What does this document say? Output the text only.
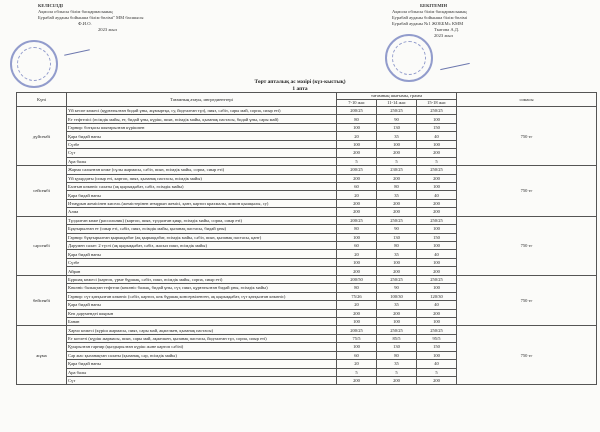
КЕЛІСІЛДІ
Ақмола облысы білім басқармасының
Бурабай ауданы бойынша білім бөлімі" ММ басшысы
Ф.И.О.
2023 жыл
БЕКІТЕМІН
Ақмола облысы білім басқармасының
Бурабай ауданы бойынша білім бөлімі
Бурабай ауданы №1 ЖОББМ» КММ
Ткатова А.Д.
2023 жыл
Төрт апталық ас мәзірі (күз-кыстық)
1 апта
Күні	Тағамның атауы, ингредиенттері	тағамның шығымы, грамм			сомасы
		7-10 жас	11-14 жас	15-18 жас	
дүйсенбі	Үй кеспе көжесі (құрғатылған бидай ұны, жұмыртқа, су, йодталған тұз), пияз, сәбіз, сары май, сорпа, сиыр еті)	200/25	250/25	250/25	750 тг
	Ет тефтелісі (өсімдік майы, ет, бидай ұны, күріш, пияз, өсімдік майы, қызанақ пастасы, бидай ұны, сары май)	80	90	100	
	Гарнир: ботқасы шығарылған күрішпен	100	130	150	
	Қара бидай наны	20	35	40	
	Сүзбе	100	100	100	
	Сүт	200	200	200	
	Ара балы	5	5	5	
сейсенбі	Жарма салынған көже (сұлы жармасы, сәбіз, пияз, өсімдік майы, сорпа, сиыр еті)	200/25	230/25	250/25	750 тг
	Үй қуырдағы (сиыр еті, картоп, пияз, қызанақ пастасы, өсімдік майы)	200	200	200	
	Балғын көкөніс салаты (ақ қырыққабат, сәбіз, өсімдік майы)	60	80	100	
	Қара бидай наны	20	35	40	
	Итмұрын жемісінен кисель (жемістерінен итмұрын жемісі, қант, картоп крахмалы, лимон қышқылы, су)	200	200	200	
	Алма	200	200	200	
сәрсенбі	Тұздалған көже (рассольник) (картоп, пияз, тұздалған қияр, өсімдік майы, сорпа, сиыр еті)	200/25	250/25	250/25	750 тг
	Бұқтырылған ет (сиыр еті, сәбіз, пияз, өсімдік майы, қызанақ пастасы, бидай ұны)	80	90	100	
	Гарнир: бұқтырылған қырыққабат (ақ қырыққабат, өсімдік майы, сәбіз, пияз, қызанақ пастасы, қант)	100	130	150	
	Дәрумен салат: 2 түсті (ақ қырыққабат, сәбіз, жасыл пияз, өсімдік майы)	60	80	100	
	Қара бидай наны	20	35	40	
	Сүзбе	100	100	100	
	Айран	200	200	200	
бейсенбі	Бұршақ көжесі (картоп, үрме бұршақ, сәбіз, пияз, өсімдік майы, сорпа, сиыр еті)	200/50	250/25	250/25	750 тг
	Көкөніс балықтан тефтели (көкөніс балық, бидай ұны, сүт, пияз, құрғатылған бидай ұны, өсімдік майы)	80	90	100	
	Гарнир: сүт қатқылған көкөніс (сәбіз, картоп, көк бұршақ консервіленген, ақ қырыққабат, сүт қатқылған көкөніс)	75/26	100/30	120/30	
	Қара бидай наны	20	35	40	
	Кеп дәрумендеі шырын	200	200	200	
	Банан	100	100	100	
жұма	Харчо көжесі (күріш жармасы, пияз, сары май, ақжелкен, қызанақ пастасы)	200/25	250/25	250/25	750 тг
	Ет котлеті (күріш жармасы, пияз, сары май, ақжелкен, қызанақ пастасы, йодталған тұз, сорпа, сиыр еті)	75/5	85/5	95/5	
	Қуырылған гарнир (қыздырылған күріш және картоп сәбізі)	100	130	150	
	Сәр жас қызанақтан салаты (қызанақ, сәр, өсімдік майы)	60	80	100	
	Қара бидай наны	20	35	40	
	Ара балы	5	5	5	
	Сүт	200	200	200	
